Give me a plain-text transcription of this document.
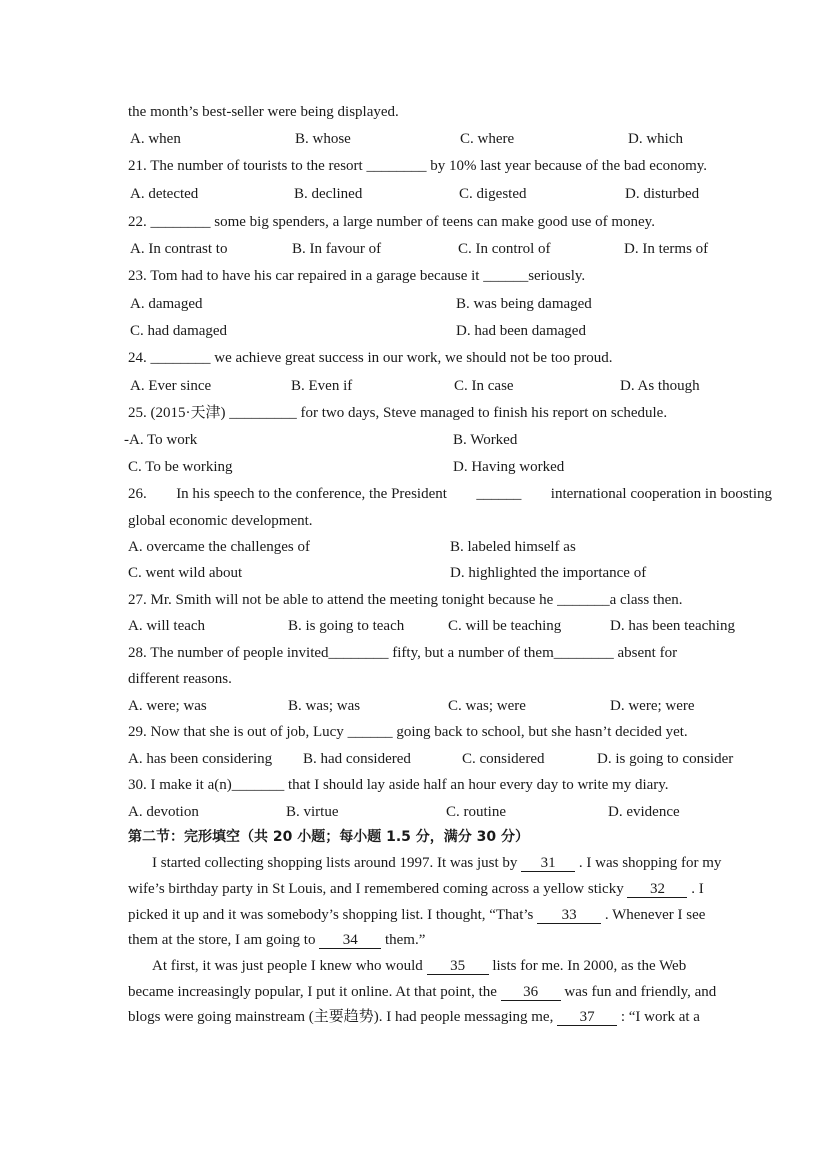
the month’s best-seller were being displayed.
A. when	B. whose	C. where	D. which
21. The number of tourists to the resort ________ by 10% last year because of the bad economy.
A. detected	B. declined	C. digested	D. disturbed
22. ________ some big spenders, a large number of teens can make good use of money.
A. In contrast to	B. In favour of	C. In control of	D. In terms of
23. Tom had to have his car repaired in a garage because it ______seriously.
A. damaged	B. was being damaged
C. had damaged	D. had been damaged
24. ________ we achieve great success in our work, we should not be too proud.
A. Ever since	B. Even if	C. In case	D. As though
25. (2015·天津) _________ for two days, Steve managed to finish his report on schedule.
-A. To work	B. Worked
C. To be working	D. Having worked
26. In his speech to the conference, the President ______ international cooperation in boosting
global economic development.
A. overcame the challenges of	B. labeled himself as
C. went wild about	D. highlighted the importance of
27. Mr. Smith will not be able to attend the meeting tonight because he _______a class then.
A. will teach	B. is going to teach	C. will be teaching	D. has been teaching
28. The number of people invited________ fifty, but a number of them________ absent for
different reasons.
A. were; was	B. was; was	C. was; were	D. were; were
29. Now that she is out of job, Lucy ______ going back to school, but she hasn’t decided yet.
A. has been considering B. had considered	C. considered	D. is going to consider
30. I make it a(n)_______ that I should lay aside half an hour every day to write my diary.
A. devotion	B. virtue	C. routine	D. evidence
第二节：完形填空（共 20 小题；每小题 1.5 分，满分 30 分）
I started collecting shopping lists around 1997. It was just by 31 . I was shopping for my
wife’s birthday party in St Louis, and I remembered coming across a yellow sticky 32 . I
picked it up and it was somebody’s shopping list. I thought, “That’s 33 . Whenever I see
them at the store, I am going to 34 them.”
At first, it was just people I knew who would 35 lists for me. In 2000, as the Web
became increasingly popular, I put it online. At that point, the 36 was fun and friendly, and
blogs were going mainstream (主要趋势). I had people messaging me, 37 : “I work at a
